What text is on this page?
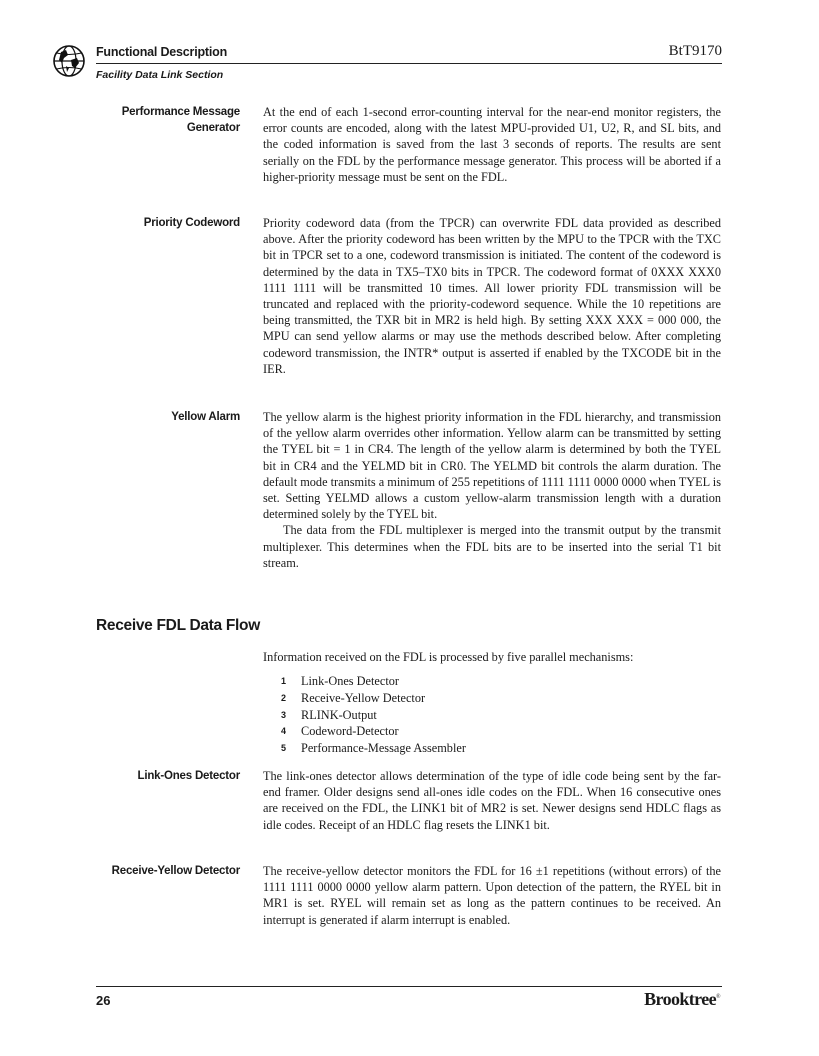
Functional Description	BtT9170
Facility Data Link Section
Performance Message
Generator

At the end of each 1-second error-counting interval for the near-end monitor registers, the error counts are encoded, along with the latest MPU-provided U1, U2, R, and SL bits, and the coded information is saved from the last 3 seconds of reports. The results are sent serially on the FDL by the performance message generator. This process will be aborted if a higher-priority message must be sent on the FDL.

Priority Codeword Priority codeword data (from the TPCR) can overwrite FDL data provided as described above. After the priority codeword has been written by the MPU to the TPCR with the TXC bit in TPCR set to a one, codeword transmission is initiated. The content of the codeword is determined by the data in TX5–TX0 bits in TPCR. The codeword format of 0XXX XXX0 1111 1111 will be transmitted 10 times. All lower priority FDL transmission will be truncated and replaced with the priority-codeword sequence. While the 10 repetitions are being transmitted, the TXR bit in MR2 is held high. By setting XXX XXX = 000 000, the MPU can send yellow alarms or may use the methods described below. After completing codeword transmission, the INTR* output is asserted if enabled by the TXCODE bit in the IER.

Yellow Alarm The yellow alarm is the highest priority information in the FDL hierarchy, and transmission of the yellow alarm overrides other information. Yellow alarm can be transmitted by setting the TYEL bit = 1 in CR4. The length of the yellow alarm is determined by both the TYEL bit in CR4 and the YELMD bit in CR0. The YELMD bit controls the alarm duration. The default mode transmits a minimum of 255 repetitions of 1111 1111 0000 0000 when TYEL is set. Setting YELMD allows a custom yellow-alarm transmission length with a duration determined solely by the TYEL bit.

The data from the FDL multiplexer is merged into the transmit output by the transmit multiplexer. This determines when the FDL bits are to be inserted into the serial T1 bit stream.

Receive FDL Data Flow
Information received on the FDL is processed by five parallel mechanisms:
1	Link-Ones Detector
2	Receive-Yellow Detector
3	RLINK-Output
4	Codeword-Detector
5	Performance-Message Assembler
Link-Ones Detector The link-ones detector allows determination of the type of idle code being sent by the far-end framer. Older designs send all-ones idle codes on the FDL. When 16 consecutive ones are received on the FDL, the LINK1 bit of MR2 is set. Newer designs send HDLC flags as idle codes. Receipt of an HDLC flag resets the LINK1 bit.

Receive-Yellow Detector The receive-yellow detector monitors the FDL for 16 ±1 repetitions (without errors) of the 1111 1111 0000 0000 yellow alarm pattern. Upon detection of the pattern, the RYEL bit in MR1 is set. RYEL will remain set as long as the pattern continues to be received. An interrupt is generated if alarm interrupt is enabled.

26	Brooktree®
